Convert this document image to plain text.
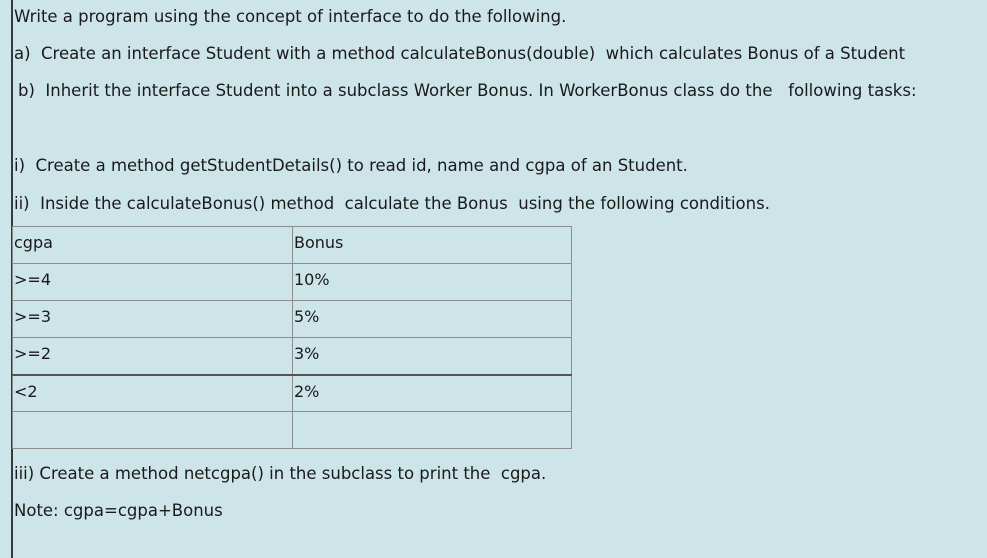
Write a program using the concept of interface to do the following.
a)  Create an interface Student with a method calculateBonus(double)  which calculates Bonus of a Student
b)  Inherit the interface Student into a subclass Worker Bonus. In WorkerBonus class do the   following tasks:
i)  Create a method getStudentDetails() to read id, name and cgpa of an Student.
ii)  Inside the calculateBonus() method  calculate the Bonus  using the following conditions.
cgpa	Bonus
>=4	10%
>=3	5%
>=2	3%
<2	2%

iii) Create a method netcgpa() in the subclass to print the  cgpa.
Note: cgpa=cgpa+Bonus
